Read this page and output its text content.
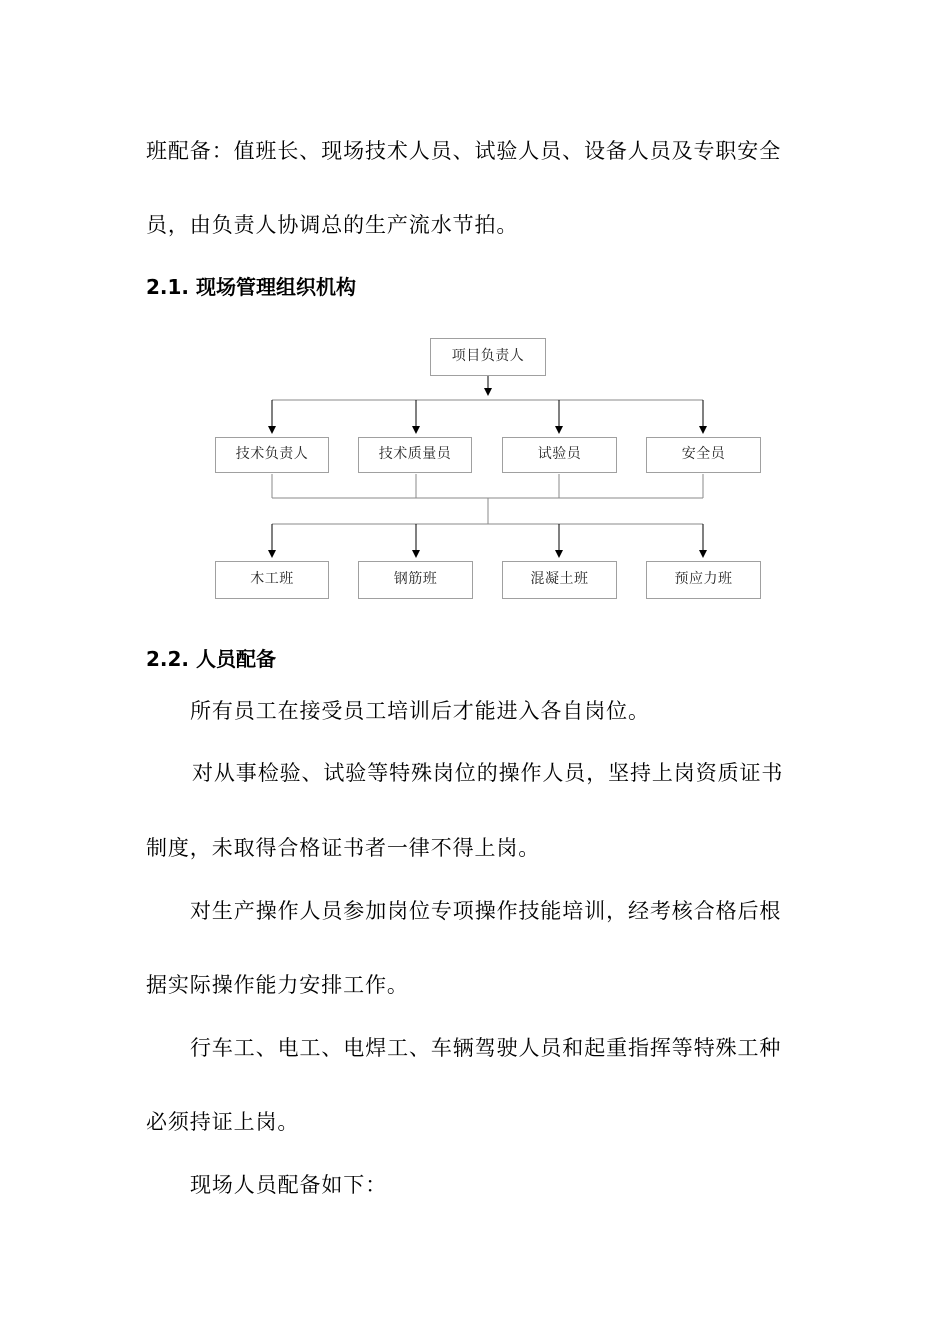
班配备：值班长、现场技术人员、试验人员、设备人员及专职安全
员，由负责人协调总的生产流水节拍。
2.1. 现场管理组织机构
项目负责人
技术负责人	技术质量员	试验员	安全员
木工班	钢筋班	混凝土班	预应力班
2.2. 人员配备
所有员工在接受员工培训后才能进入各自岗位。
对从事检验、试验等特殊岗位的操作人员，坚持上岗资质证书
制度，未取得合格证书者一律不得上岗。
对生产操作人员参加岗位专项操作技能培训，经考核合格后根
据实际操作能力安排工作。
行车工、电工、电焊工、车辆驾驶人员和起重指挥等特殊工种
必须持证上岗。
现场人员配备如下：
